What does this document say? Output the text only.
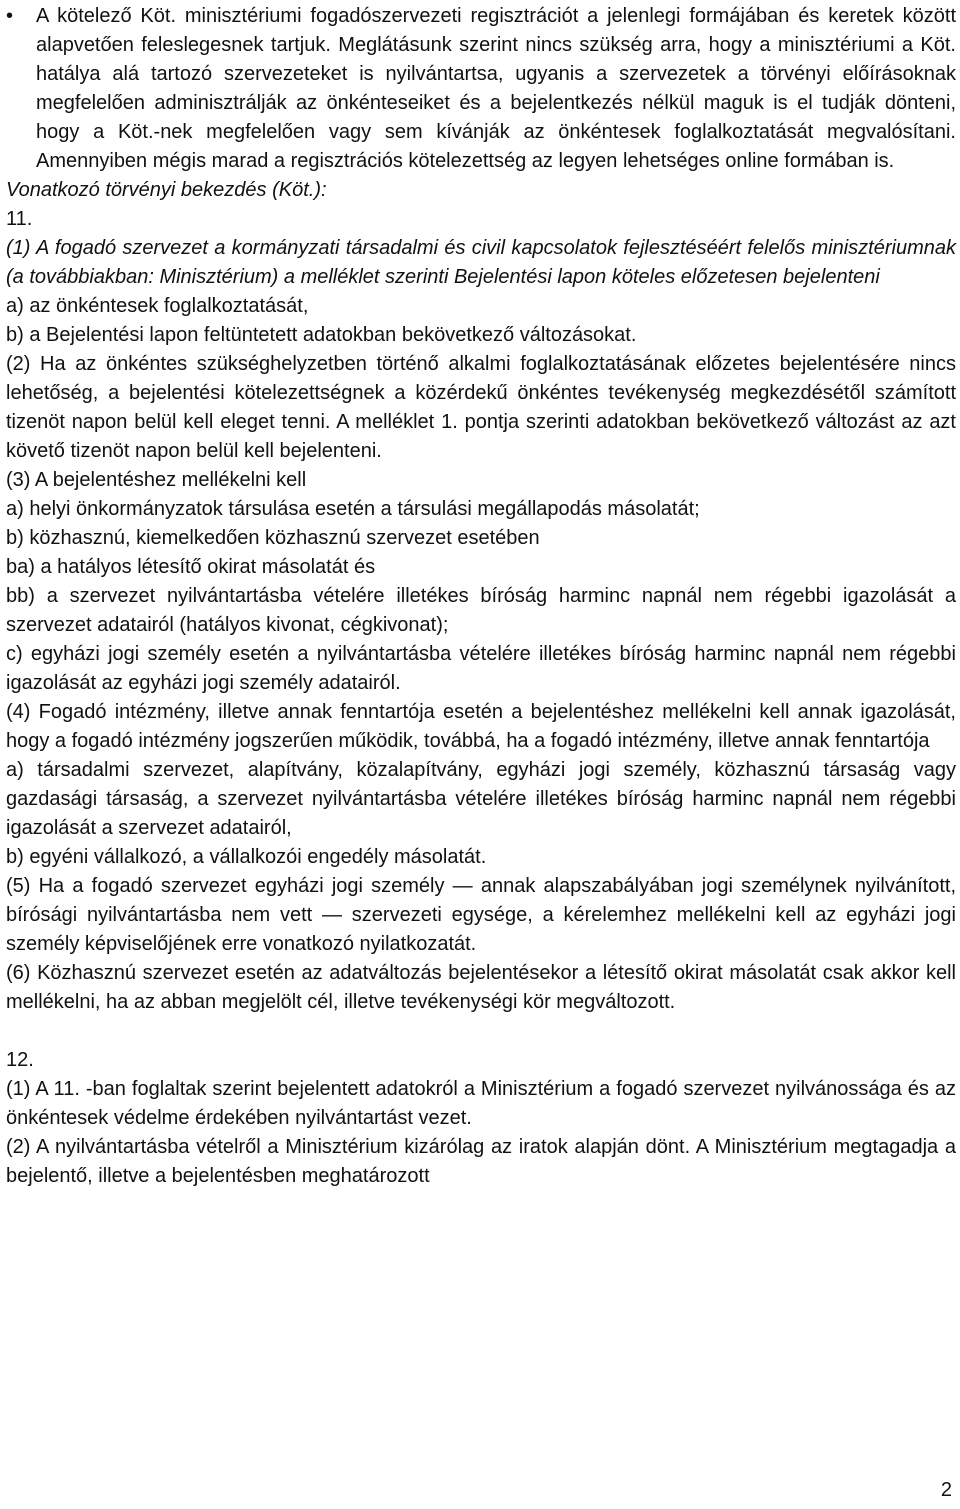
•	A kötelező Köt. minisztériumi fogadószervezeti regisztrációt a jelenlegi formájában és keretek között alapvetően feleslegesnek tartjuk. Meglátásunk szerint nincs szükség arra, hogy a minisztériumi a Köt. hatálya alá tartozó szervezeteket is nyilvántartsa, ugyanis a szervezetek a törvényi előírásoknak megfelelően adminisztrálják az önkénteseiket és a bejelentkezés nélkül maguk is el tudják dönteni, hogy a Köt.-nek megfelelően vagy sem kívánják az önkéntesek foglalkoztatását megvalósítani. Amennyiben mégis marad a regisztrációs kötelezettség az legyen lehetséges online formában is.

Vonatkozó törvényi bekezdés (Köt.):

11.

(1) A fogadó szervezet a kormányzati társadalmi és civil kapcsolatok fejlesztéséért felelős minisztériumnak (a továbbiakban: Minisztérium) a melléklet szerinti Bejelentési lapon köteles előzetesen bejelenteni

a) az önkéntesek foglalkoztatását,

b) a Bejelentési lapon feltüntetett adatokban bekövetkező változásokat.

(2) Ha az önkéntes szükséghelyzetben történő alkalmi foglalkoztatásának előzetes bejelentésére nincs lehetőség, a bejelentési kötelezettségnek a közérdekű önkéntes tevékenység megkezdésétől számított tizenöt napon belül kell eleget tenni. A melléklet 1. pontja szerinti adatokban bekövetkező változást az azt követő tizenöt napon belül kell bejelenteni.

(3) A bejelentéshez mellékelni kell

a) helyi önkormányzatok társulása esetén a társulási megállapodás másolatát;

b) közhasznú, kiemelkedően közhasznú szervezet esetében

ba) a hatályos létesítő okirat másolatát és

bb) a szervezet nyilvántartásba vételére illetékes bíróság harminc napnál nem régebbi igazolását a szervezet adatairól (hatályos kivonat, cégkivonat);

c) egyházi jogi személy esetén a nyilvántartásba vételére illetékes bíróság harminc napnál nem régebbi igazolását az egyházi jogi személy adatairól.

(4) Fogadó intézmény, illetve annak fenntartója esetén a bejelentéshez mellékelni kell annak igazolását, hogy a fogadó intézmény jogszerűen működik, továbbá, ha a fogadó intézmény, illetve annak fenntartója

a) társadalmi szervezet, alapítvány, közalapítvány, egyházi jogi személy, közhasznú társaság vagy gazdasági társaság, a szervezet nyilvántartásba vételére illetékes bíróság harminc napnál nem régebbi igazolását a szervezet adatairól,

b) egyéni vállalkozó, a vállalkozói engedély másolatát.

(5) Ha a fogadó szervezet egyházi jogi személy — annak alapszabályában jogi személynek nyilvánított, bírósági nyilvántartásba nem vett — szervezeti egysége, a kérelemhez mellékelni kell az egyházi jogi személy képviselőjének erre vonatkozó nyilatkozatát.

(6) Közhasznú szervezet esetén az adatváltozás bejelentésekor a létesítő okirat másolatát csak akkor kell mellékelni, ha az abban megjelölt cél, illetve tevékenységi kör megváltozott.

12.

(1) A 11. -ban foglaltak szerint bejelentett adatokról a Minisztérium a fogadó szervezet nyilvánossága és az önkéntesek védelme érdekében nyilvántartást vezet.

(2) A nyilvántartásba vételről a Minisztérium kizárólag az iratok alapján dönt. A Minisztérium megtagadja a bejelentő, illetve a bejelentésben meghatározott

2
